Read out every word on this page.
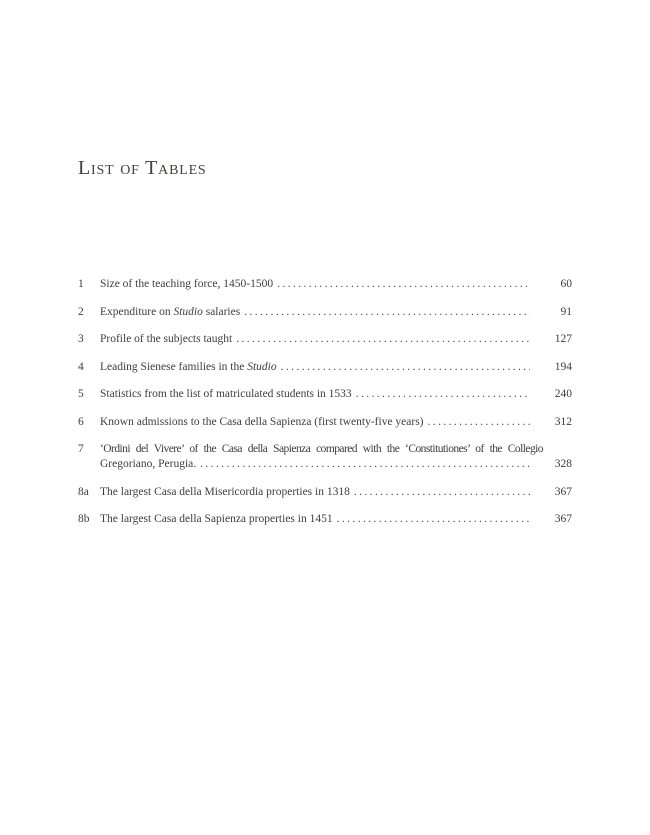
List of Tables
1	Size of the teaching force, 1450-1500 .....	60
2	Expenditure on Studio salaries .....	91
3	Profile of the subjects taught .....	127
4	Leading Sienese families in the Studio .....	194
5	Statistics from the list of matriculated students in 1533 .....	240
6	Known admissions to the Casa della Sapienza (first twenty-five years) .....	312
7	‘Ordini del Vivere’ of the Casa della Sapienza compared with the ‘Constitutiones’ of the Collegio
Gregoriano, Perugia. .....	328
8a The largest Casa della Misericordia properties in 1318 .....	367
8b The largest Casa della Sapienza properties in 1451 .....	367
